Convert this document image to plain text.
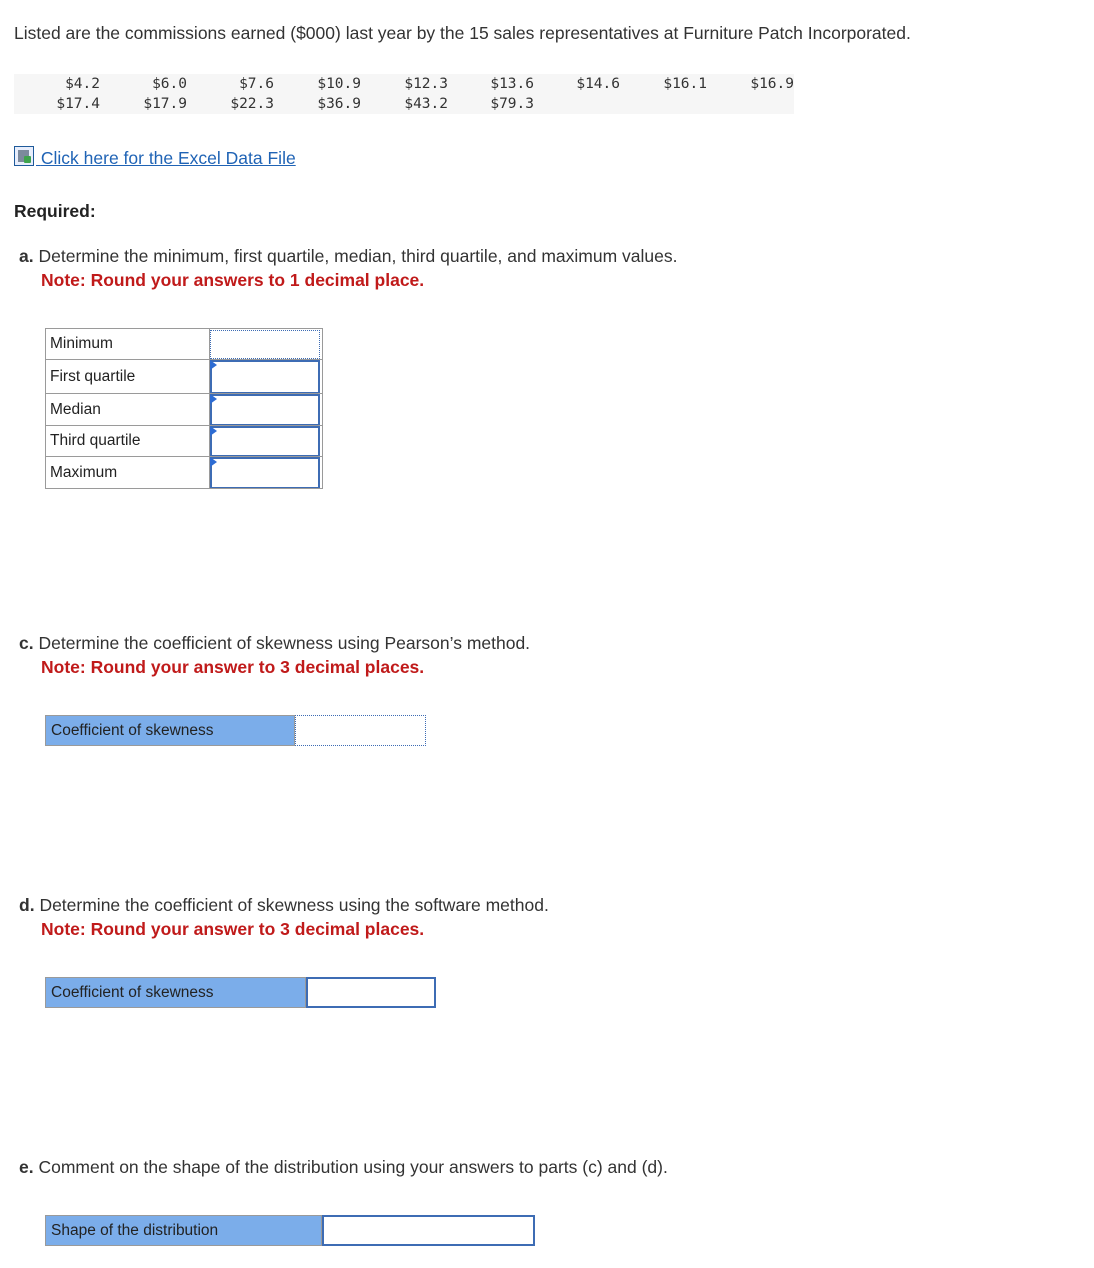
Listed are the commissions earned ($000) last year by the 15 sales representatives at Furniture Patch Incorporated.
$4.2	$6.0	$7.6	$10.9	$12.3	$13.6	$14.6	$16.1	$16.9
$17.4	$17.9	$22.3	$36.9	$43.2	$79.3
Click here for the Excel Data File
Required:
a. Determine the minimum, first quartile, median, third quartile, and maximum values.
Note: Round your answers to 1 decimal place.
Minimum	

First quartile	

Median	

Third quartile	

Maximum	
c. Determine the coefficient of skewness using Pearson’s method.
Note: Round your answer to 3 decimal places.
Coefficient of skewness
d. Determine the coefficient of skewness using the software method.
Note: Round your answer to 3 decimal places.
Coefficient of skewness
e. Comment on the shape of the distribution using your answers to parts (c) and (d).
Shape of the distribution
